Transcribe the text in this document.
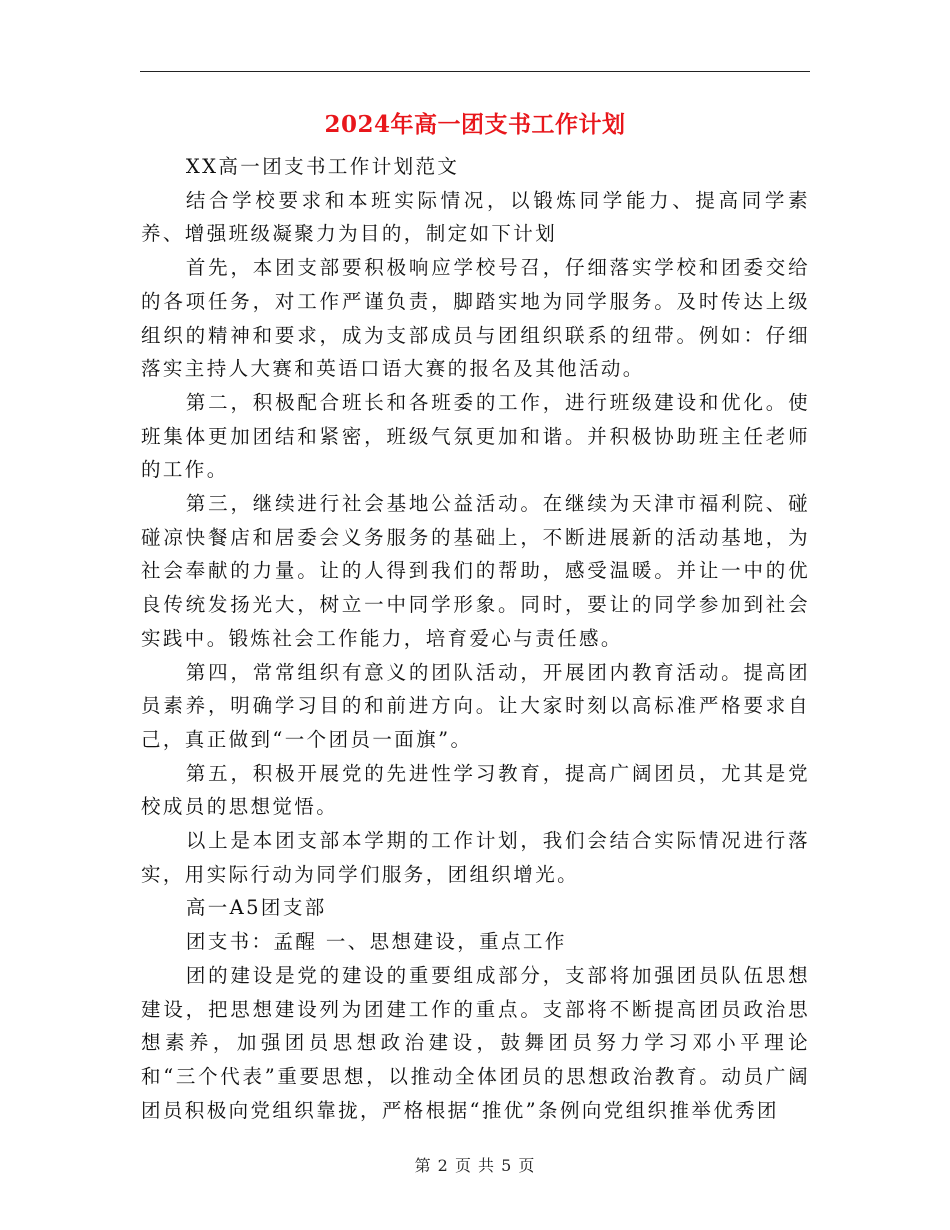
2024年高一团支书工作计划

XX高一团支书工作计划范文

结合学校要求和本班实际情况，以锻炼同学能力、提高同学素养、增强班级凝聚力为目的，制定如下计划

首先，本团支部要积极响应学校号召，仔细落实学校和团委交给的各项任务，对工作严谨负责，脚踏实地为同学服务。及时传达上级组织的精神和要求，成为支部成员与团组织联系的纽带。例如：仔细落实主持人大赛和英语口语大赛的报名及其他活动。

第二，积极配合班长和各班委的工作，进行班级建设和优化。使班集体更加团结和紧密，班级气氛更加和谐。并积极协助班主任老师的工作。

第三，继续进行社会基地公益活动。在继续为天津市福利院、碰碰凉快餐店和居委会义务服务的基础上，不断进展新的活动基地，为社会奉献的力量。让的人得到我们的帮助，感受温暖。并让一中的优良传统发扬光大，树立一中同学形象。同时，要让的同学参加到社会实践中。锻炼社会工作能力，培育爱心与责任感。

第四，常常组织有意义的团队活动，开展团内教育活动。提高团员素养，明确学习目的和前进方向。让大家时刻以高标准严格要求自己，真正做到“一个团员一面旗”。

第五，积极开展党的先进性学习教育，提高广阔团员，尤其是党校成员的思想觉悟。

以上是本团支部本学期的工作计划，我们会结合实际情况进行落实，用实际行动为同学们服务，团组织增光。

高一A5团支部

团支书：孟醒 一、思想建设，重点工作

团的建设是党的建设的重要组成部分，支部将加强团员队伍思想建设，把思想建设列为团建工作的重点。支部将不断提高团员政治思想素养，加强团员思想政治建设，鼓舞团员努力学习邓小平理论和“三个代表”重要思想，以推动全体团员的思想政治教育。动员广阔团员积极向党组织靠拢，严格根据“推优”条例向党组织推举优秀团

第 2 页 共 5 页
